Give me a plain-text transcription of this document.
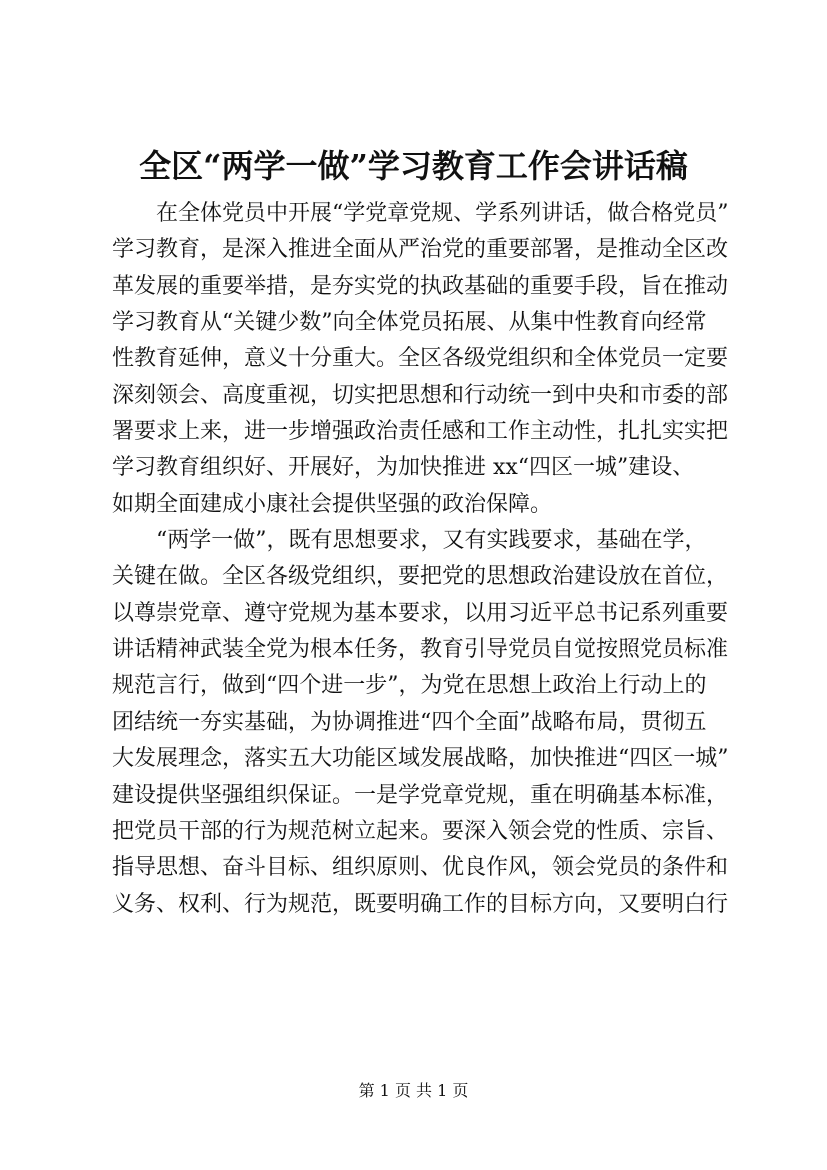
全区“两学一做”学习教育工作会讲话稿
在全体党员中开展“学党章党规、学系列讲话，做合格党员”
学习教育，是深入推进全面从严治党的重要部署，是推动全区改
革发展的重要举措，是夯实党的执政基础的重要手段，旨在推动
学习教育从“关键少数”向全体党员拓展、从集中性教育向经常
性教育延伸，意义十分重大。全区各级党组织和全体党员一定要
深刻领会、高度重视，切实把思想和行动统一到中央和市委的部
署要求上来，进一步增强政治责任感和工作主动性，扎扎实实把
学习教育组织好、开展好，为加快推进 xx“四区一城”建设、
如期全面建成小康社会提供坚强的政治保障。
“两学一做”，既有思想要求，又有实践要求，基础在学，
关键在做。全区各级党组织，要把党的思想政治建设放在首位，
以尊崇党章、遵守党规为基本要求，以用习近平总书记系列重要
讲话精神武装全党为根本任务，教育引导党员自觉按照党员标准
规范言行，做到“四个进一步”，为党在思想上政治上行动上的
团结统一夯实基础，为协调推进“四个全面”战略布局，贯彻五
大发展理念，落实五大功能区域发展战略，加快推进“四区一城”
建设提供坚强组织保证。一是学党章党规，重在明确基本标准，
把党员干部的行为规范树立起来。要深入领会党的性质、宗旨、
指导思想、奋斗目标、组织原则、优良作风，领会党员的条件和
义务、权利、行为规范，既要明确工作的目标方向，又要明白行
第 1 页 共 1 页
